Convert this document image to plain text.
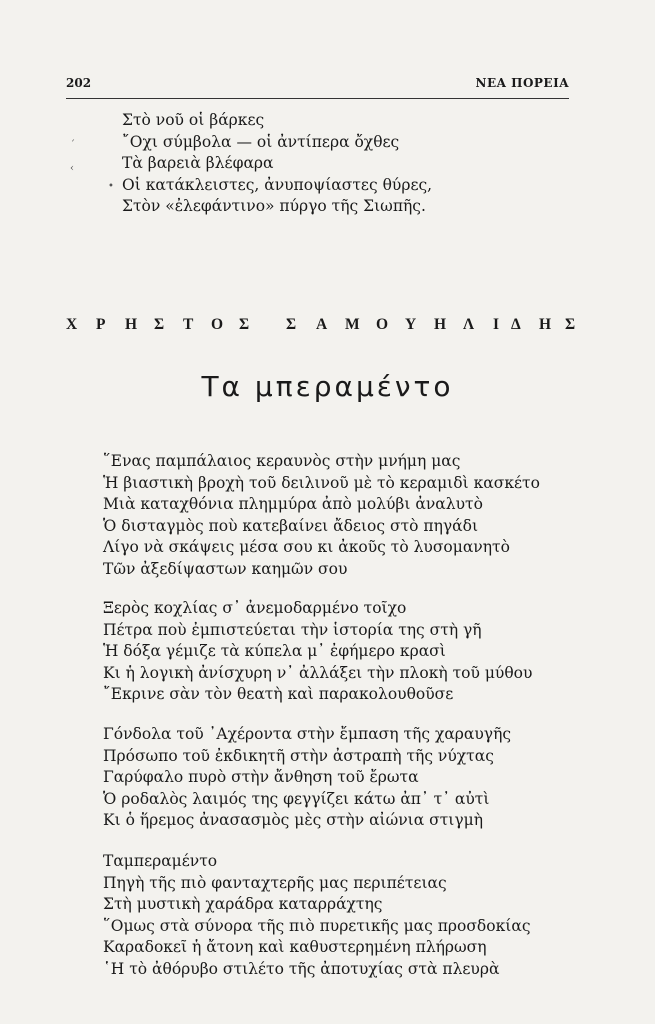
202	ΝΕΑ ΠΟΡΕΙΑ
Στὸ νοῦ οἱ βάρκες
῎Οχι σύμβολα — οἱ ἀντίπερα ὄχθες
Τὰ βαρειὰ βλέφαρα
Οἱ κατάκλειστες, ἀνυποψίαστες θύρες,
Στὸν «ἐλεφάντινο» πύργο τῆς Σιωπῆς.
´
‹
•
Χ Ρ Η Σ Τ Ο Σ Σ Α Μ Ο Υ Η Λ Ι Δ Η Σ
Τα μπεραμέντο
῞Ενας παμπάλαιος κεραυνὸς στὴν μνήμη μας
Ἡ βιαστικὴ βροχὴ τοῦ δειλινοῦ μὲ τὸ κεραμιδὶ κασκέτο
Μιὰ καταχθόνια πλημμύρα ἀπὸ μολύβι ἀναλυτὸ
Ὁ δισταγμὸς ποὺ κατεβαίνει ἄδειος στὸ πηγάδι
Λίγο νὰ σκάψεις μέσα σου κι ἀκοῦς τὸ λυσομανητὸ
Τῶν ἀξεδίψαστων καημῶν σου
Ξερὸς κοχλίας σ᾿ ἀνεμοδαρμένο τοῖχο
Πέτρα ποὺ ἐμπιστεύεται τὴν ἱστορία της στὴ γῆ
Ἡ δόξα γέμιζε τὰ κύπελα μ᾿ ἐφήμερο κρασὶ
Κι ἡ λογικὴ ἀνίσχυρη ν᾿ ἀλλάξει τὴν πλοκὴ τοῦ μύθου
῎Εκρινε σὰν τὸν θεατὴ καὶ παρακολουθοῦσε
Γόνδολα τοῦ ᾿Αχέροντα στὴν ἔμπαση τῆς χαραυγῆς
Πρόσωπο τοῦ ἐκδικητῆ στὴν ἀστραπὴ τῆς νύχτας
Γαρύφαλο πυρὸ στὴν ἄνθηση τοῦ ἔρωτα
Ὁ ροδαλὸς λαιμός της φεγγίζει κάτω ἀπ᾿ τ᾿ αὐτὶ
Κι ὁ ἥρεμος ἀνασασμὸς μὲς στὴν αἰώνια στιγμὴ
Ταμπεραμέντο
Πηγὴ τῆς πιὸ φανταχτερῆς μας περιπέτειας
Στὴ μυστικὴ χαράδρα καταρράχτης
῞Ομως στὰ σύνορα τῆς πιὸ πυρετικῆς μας προσδοκίας
Καραδοκεῖ ἡ ἄτονη καὶ καθυστερημένη πλήρωση
῾Η τὸ ἀθόρυβο στιλέτο τῆς ἀποτυχίας στὰ πλευρὰ
